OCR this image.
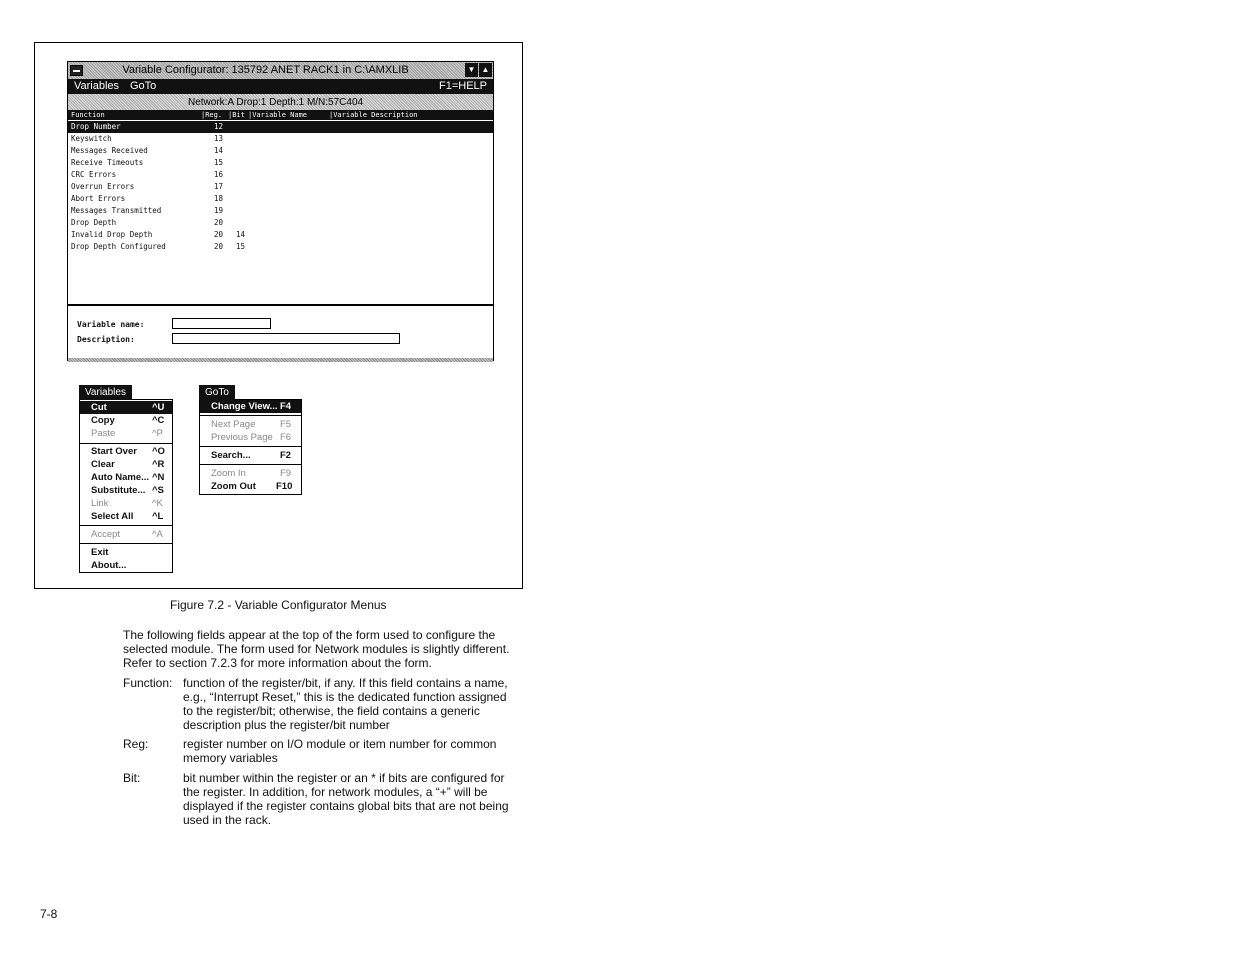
Variable Configurator: 135792 ANET RACK1 in C:\AMXLIB	▼ ▲
Variables GoTo	F1=HELP
Network:A Drop:1 Depth:1 M/N:57C404
Function	|Reg. |Bit |Variable Name	|Variable Description
Drop Number	12
Keyswitch	13
Messages Received	14
Receive Timeouts	15
CRC Errors	16
Overrun Errors	17
Abort Errors	18
Messages Transmitted	19
Drop Depth	20
Invalid Drop Depth	20 14
Drop Depth Configured	20 15
Variable name:
Description:
Variables
Cut	^U
Copy	^C
Paste	^P
Start Over ^O
Clear	^R
Auto Name... ^N
Substitute... ^S
Link	^K
Select All ^L
Accept	^A
Exit
About...
GoTo
Change View... F4
Next Page	F5
Previous Page F6
Search...	F2
Zoom In	F9
Zoom Out F10
Figure 7.2 - Variable Configurator Menus
The following fields appear at the top of the form used to configure the selected module. The form used for Network modules is slightly different. Refer to section 7.2.3 for more information about the form.
Function: function of the register/bit, if any. If this field contains a name, e.g., “Interrupt Reset,” this is the dedicated function assigned to the register/bit; otherwise, the field contains a generic description plus the register/bit number
Reg:	register number on I/O module or item number for common memory variables
Bit:	bit number within the register or an * if bits are configured for the register. In addition, for network modules, a “+” will be displayed if the register contains global bits that are not being used in the rack.
7-8
